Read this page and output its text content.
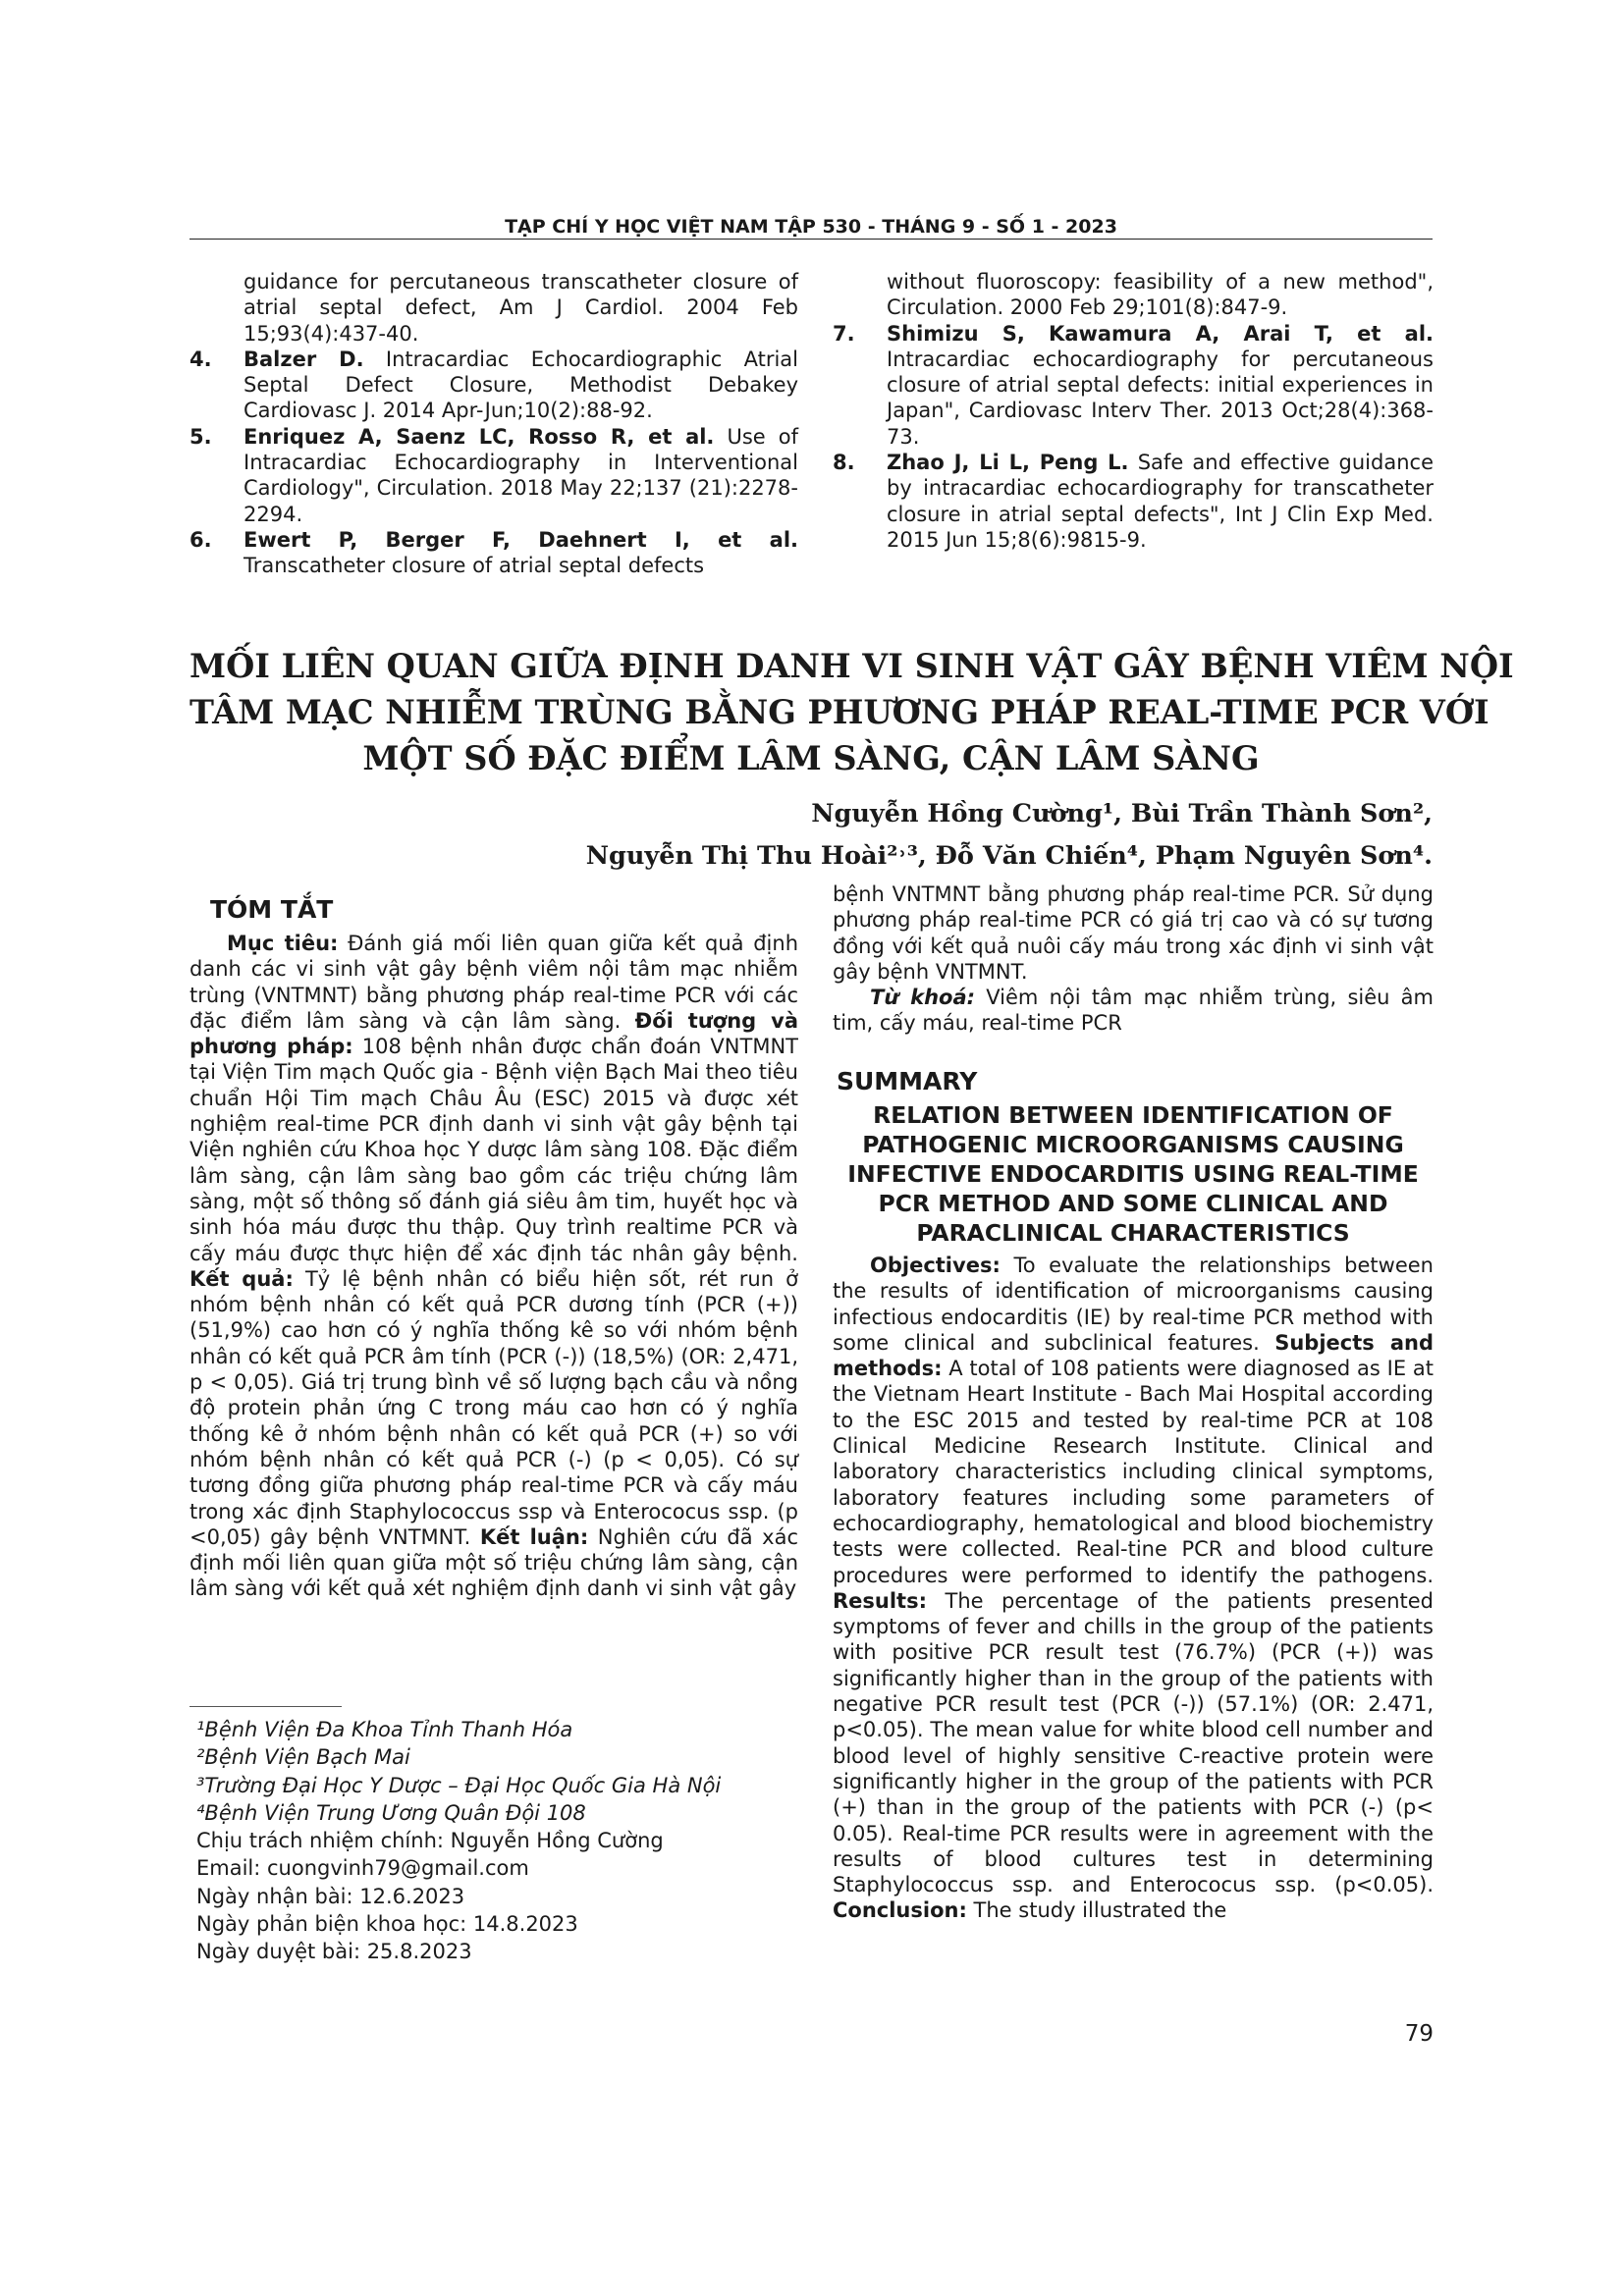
TẠP CHÍ Y HỌC VIỆT NAM TẬP 530 - THÁNG 9 - SỐ 1 - 2023
guidance for percutaneous transcatheter closure of atrial septal defect, Am J Cardiol. 2004 Feb 15;93(4):437-40.
4. Balzer D. Intracardiac Echocardiographic Atrial Septal Defect Closure, Methodist Debakey Cardiovasc J. 2014 Apr-Jun;10(2):88-92.
5. Enriquez A, Saenz LC, Rosso R, et al. Use of Intracardiac Echocardiography in Interventional Cardiology", Circulation. 2018 May 22;137 (21):2278-2294.
6. Ewert P, Berger F, Daehnert I, et al. Transcatheter closure of atrial septal defects
without fluoroscopy: feasibility of a new method", Circulation. 2000 Feb 29;101(8):847-9.
7. Shimizu S, Kawamura A, Arai T, et al. Intracardiac echocardiography for percutaneous closure of atrial septal defects: initial experiences in Japan", Cardiovasc Interv Ther. 2013 Oct;28(4):368-73.
8. Zhao J, Li L, Peng L. Safe and effective guidance by intracardiac echocardiography for transcatheter closure in atrial septal defects", Int J Clin Exp Med. 2015 Jun 15;8(6):9815-9.
MỐI LIÊN QUAN GIỮA ĐỊNH DANH VI SINH VẬT GÂY BỆNH VIÊM NỘI
TÂM MẠC NHIỄM TRÙNG BẰNG PHƯƠNG PHÁP REAL-TIME PCR VỚI
MỘT SỐ ĐẶC ĐIỂM LÂM SÀNG, CẬN LÂM SÀNG
Nguyễn Hồng Cường¹, Bùi Trần Thành Sơn²,
Nguyễn Thị Thu Hoài²˒³, Đỗ Văn Chiến⁴, Phạm Nguyên Sơn⁴.
TÓM TẮT

Mục tiêu: Đánh giá mối liên quan giữa kết quả định danh các vi sinh vật gây bệnh viêm nội tâm mạc nhiễm trùng (VNTMNT) bằng phương pháp real-time PCR với các đặc điểm lâm sàng và cận lâm sàng. Đối tượng và phương pháp: 108 bệnh nhân được chẩn đoán VNTMNT tại Viện Tim mạch Quốc gia - Bệnh viện Bạch Mai theo tiêu chuẩn Hội Tim mạch Châu Âu (ESC) 2015 và được xét nghiệm real-time PCR định danh vi sinh vật gây bệnh tại Viện nghiên cứu Khoa học Y dược lâm sàng 108. Đặc điểm lâm sàng, cận lâm sàng bao gồm các triệu chứng lâm sàng, một số thông số đánh giá siêu âm tim, huyết học và sinh hóa máu được thu thập. Quy trình realtime PCR và cấy máu được thực hiện để xác định tác nhân gây bệnh. Kết quả: Tỷ lệ bệnh nhân có biểu hiện sốt, rét run ở nhóm bệnh nhân có kết quả PCR dương tính (PCR (+)) (51,9%) cao hơn có ý nghĩa thống kê so với nhóm bệnh nhân có kết quả PCR âm tính (PCR (-)) (18,5%) (OR: 2,471, p < 0,05). Giá trị trung bình về số lượng bạch cầu và nồng độ protein phản ứng C trong máu cao hơn có ý nghĩa thống kê ở nhóm bệnh nhân có kết quả PCR (+) so với nhóm bệnh nhân có kết quả PCR (-) (p < 0,05). Có sự tương đồng giữa phương pháp real-time PCR và cấy máu trong xác định Staphylococcus ssp và Enterococus ssp. (p <0,05) gây bệnh VNTMNT. Kết luận: Nghiên cứu đã xác định mối liên quan giữa một số triệu chứng lâm sàng, cận lâm sàng với kết quả xét nghiệm định danh vi sinh vật gây

¹Bệnh Viện Đa Khoa Tỉnh Thanh Hóa
²Bệnh Viện Bạch Mai
³Trường Đại Học Y Dược – Đại Học Quốc Gia Hà Nội
⁴Bệnh Viện Trung Ương Quân Đội 108
Chịu trách nhiệm chính: Nguyễn Hồng Cường
Email: cuongvinh79@gmail.com
Ngày nhận bài: 12.6.2023
Ngày phản biện khoa học: 14.8.2023
Ngày duyệt bài: 25.8.2023

bệnh VNTMNT bằng phương pháp real-time PCR. Sử dụng phương pháp real-time PCR có giá trị cao và có sự tương đồng với kết quả nuôi cấy máu trong xác định vi sinh vật gây bệnh VNTMNT.

Từ khoá: Viêm nội tâm mạc nhiễm trùng, siêu âm tim, cấy máu, real-time PCR

SUMMARY
RELATION BETWEEN IDENTIFICATION OF
PATHOGENIC MICROORGANISMS CAUSING
INFECTIVE ENDOCARDITIS USING REAL-TIME
PCR METHOD AND SOME CLINICAL AND
PARACLINICAL CHARACTERISTICS

Objectives: To evaluate the relationships between the results of identification of microorganisms causing infectious endocarditis (IE) by real-time PCR method with some clinical and subclinical features. Subjects and methods: A total of 108 patients were diagnosed as IE at the Vietnam Heart Institute - Bach Mai Hospital according to the ESC 2015 and tested by real-time PCR at 108 Clinical Medicine Research Institute. Clinical and laboratory characteristics including clinical symptoms, laboratory features including some parameters of echocardiography, hematological and blood biochemistry tests were collected. Real-tine PCR and blood culture procedures were performed to identify the pathogens. Results: The percentage of the patients presented symptoms of fever and chills in the group of the patients with positive PCR result test (76.7%) (PCR (+)) was significantly higher than in the group of the patients with negative PCR result test (PCR (-)) (57.1%) (OR: 2.471, p<0.05). The mean value for white blood cell number and blood level of highly sensitive C-reactive protein were significantly higher in the group of the patients with PCR (+) than in the group of the patients with PCR (-) (p< 0.05). Real-time PCR results were in agreement with the results of blood cultures test in determining Staphylococcus ssp. and Enterococus ssp. (p<0.05). Conclusion: The study illustrated the

79
